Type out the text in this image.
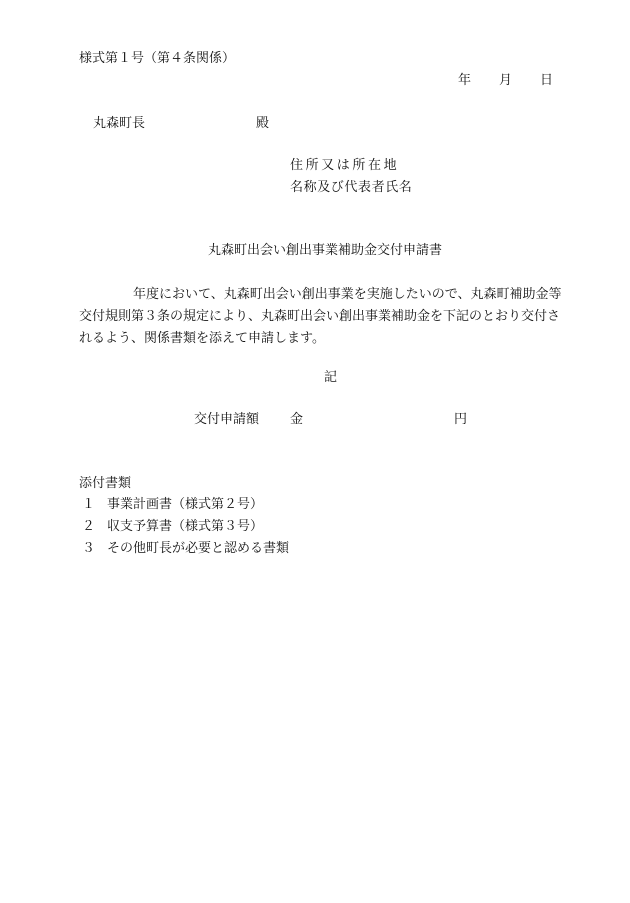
様式第１号（第４条関係）
年 月 日
丸森町長	殿
住所又は所在地
名称及び代表者氏名
丸森町出会い創出事業補助金交付申請書
年度において、丸森町出会い創出事業を実施したいので、丸森町補助金等
交付規則第３条の規定により、丸森町出会い創出事業補助金を下記のとおり交付さ
れるよう、関係書類を添えて申請します。
記
交付申請額 金	円
添付書類
１ 事業計画書（様式第２号）
２ 収支予算書（様式第３号）
３ その他町長が必要と認める書類
